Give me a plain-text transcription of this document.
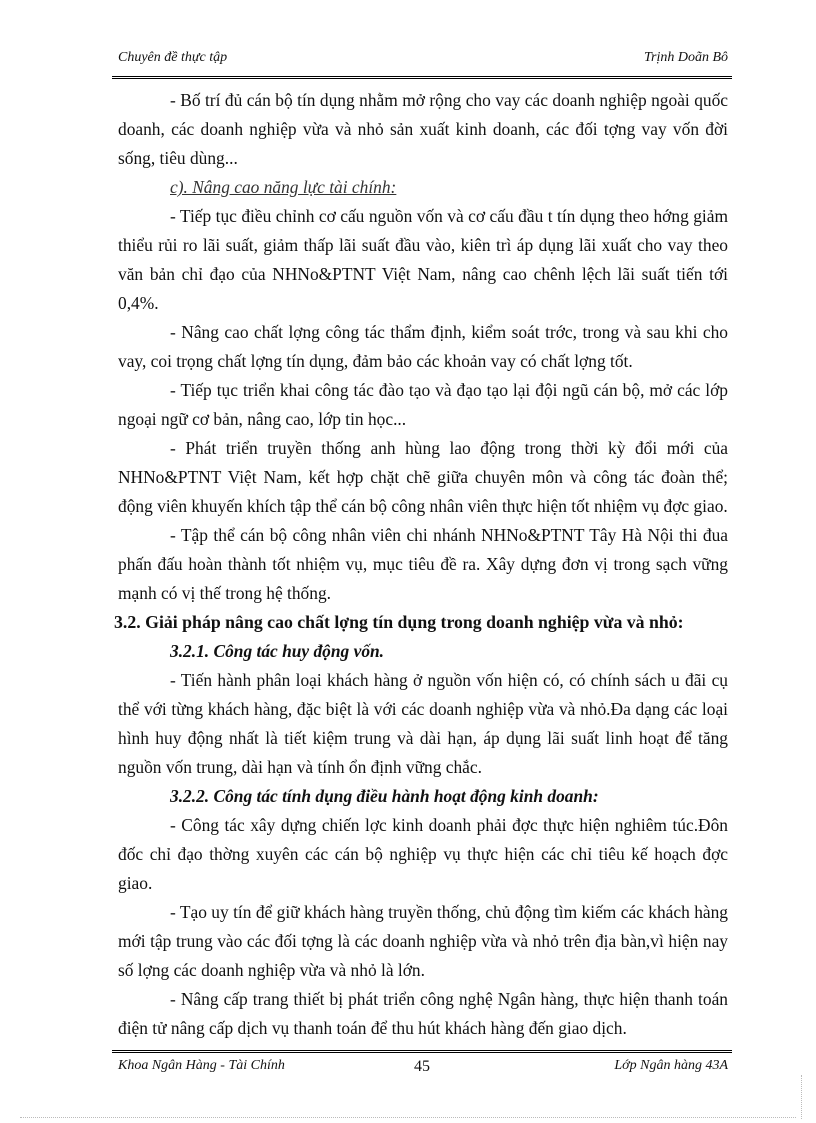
Chuyên đề thực tập	Trịnh Doãn Bô

- Bố trí đủ cán bộ tín dụng nhằm mở rộng cho vay các doanh nghiệp ngoài quốc doanh, các doanh nghiệp vừa và nhỏ sản xuất kinh doanh, các đối tợng vay vốn đời sống, tiêu dùng...

c). Nâng cao năng lực tài chính:

- Tiếp tục điều chỉnh cơ cấu nguồn vốn và cơ cấu đầu t tín dụng theo hớng giảm thiểu rủi ro lãi suất, giảm thấp lãi suất đầu vào, kiên trì áp dụng lãi xuất cho vay theo văn bản chỉ đạo của NHNo&PTNT Việt Nam, nâng cao chênh lệch lãi suất tiến tới 0,4%.

- Nâng cao chất lợng công tác thẩm định, kiểm soát trớc, trong và sau khi cho vay, coi trọng chất lợng tín dụng, đảm bảo các khoản vay có chất lợng tốt.

- Tiếp tục triển khai công tác đào tạo và đạo tạo lại đội ngũ cán bộ, mở các lớp ngoại ngữ cơ bản, nâng cao, lớp tin học...

- Phát triển truyền thống anh hùng lao động trong thời kỳ đổi mới của NHNo&PTNT Việt Nam, kết hợp chặt chẽ giữa chuyên môn và công tác đoàn thể; động viên khuyến khích tập thể cán bộ công nhân viên thực hiện tốt nhiệm vụ đợc giao.

- Tập thể cán bộ công nhân viên chi nhánh NHNo&PTNT Tây Hà Nội thi đua phấn đấu hoàn thành tốt nhiệm vụ, mục tiêu đề ra. Xây dựng đơn vị trong sạch vững mạnh có vị thế trong hệ thống.

3.2. Giải pháp nâng cao chất lợng tín dụng trong doanh nghiệp vừa và nhỏ:

3.2.1. Công tác huy động vốn.

- Tiến hành phân loại khách hàng ở nguồn vốn hiện có, có chính sách u đãi cụ thể với từng khách hàng, đặc biệt là với các doanh nghiệp vừa và nhỏ.Đa dạng các loại hình huy động nhất là tiết kiệm trung và dài hạn, áp dụng lãi suất linh hoạt để tăng nguồn vốn trung, dài hạn và tính ổn định vững chắc.

3.2.2. Công tác tính dụng điều hành hoạt động kinh doanh:

- Công tác xây dựng chiến lợc kinh doanh phải đợc thực hiện nghiêm túc.Đôn đốc chỉ đạo thờng xuyên các cán bộ nghiệp vụ thực hiện các chỉ tiêu kế hoạch đợc giao.

- Tạo uy tín để giữ khách hàng truyền thống, chủ động tìm kiếm các khách hàng mới tập trung vào các đối tợng là các doanh nghiệp vừa và nhỏ trên địa bàn,vì hiện nay số lợng các doanh nghiệp vừa và nhỏ là lớn.

- Nâng cấp trang thiết bị phát triển công nghệ Ngân hàng, thực hiện thanh toán điện tử nâng cấp dịch vụ thanh toán để thu hút khách hàng đến giao dịch.

Khoa Ngân Hàng - Tài Chính	45	Lớp Ngân hàng 43A
